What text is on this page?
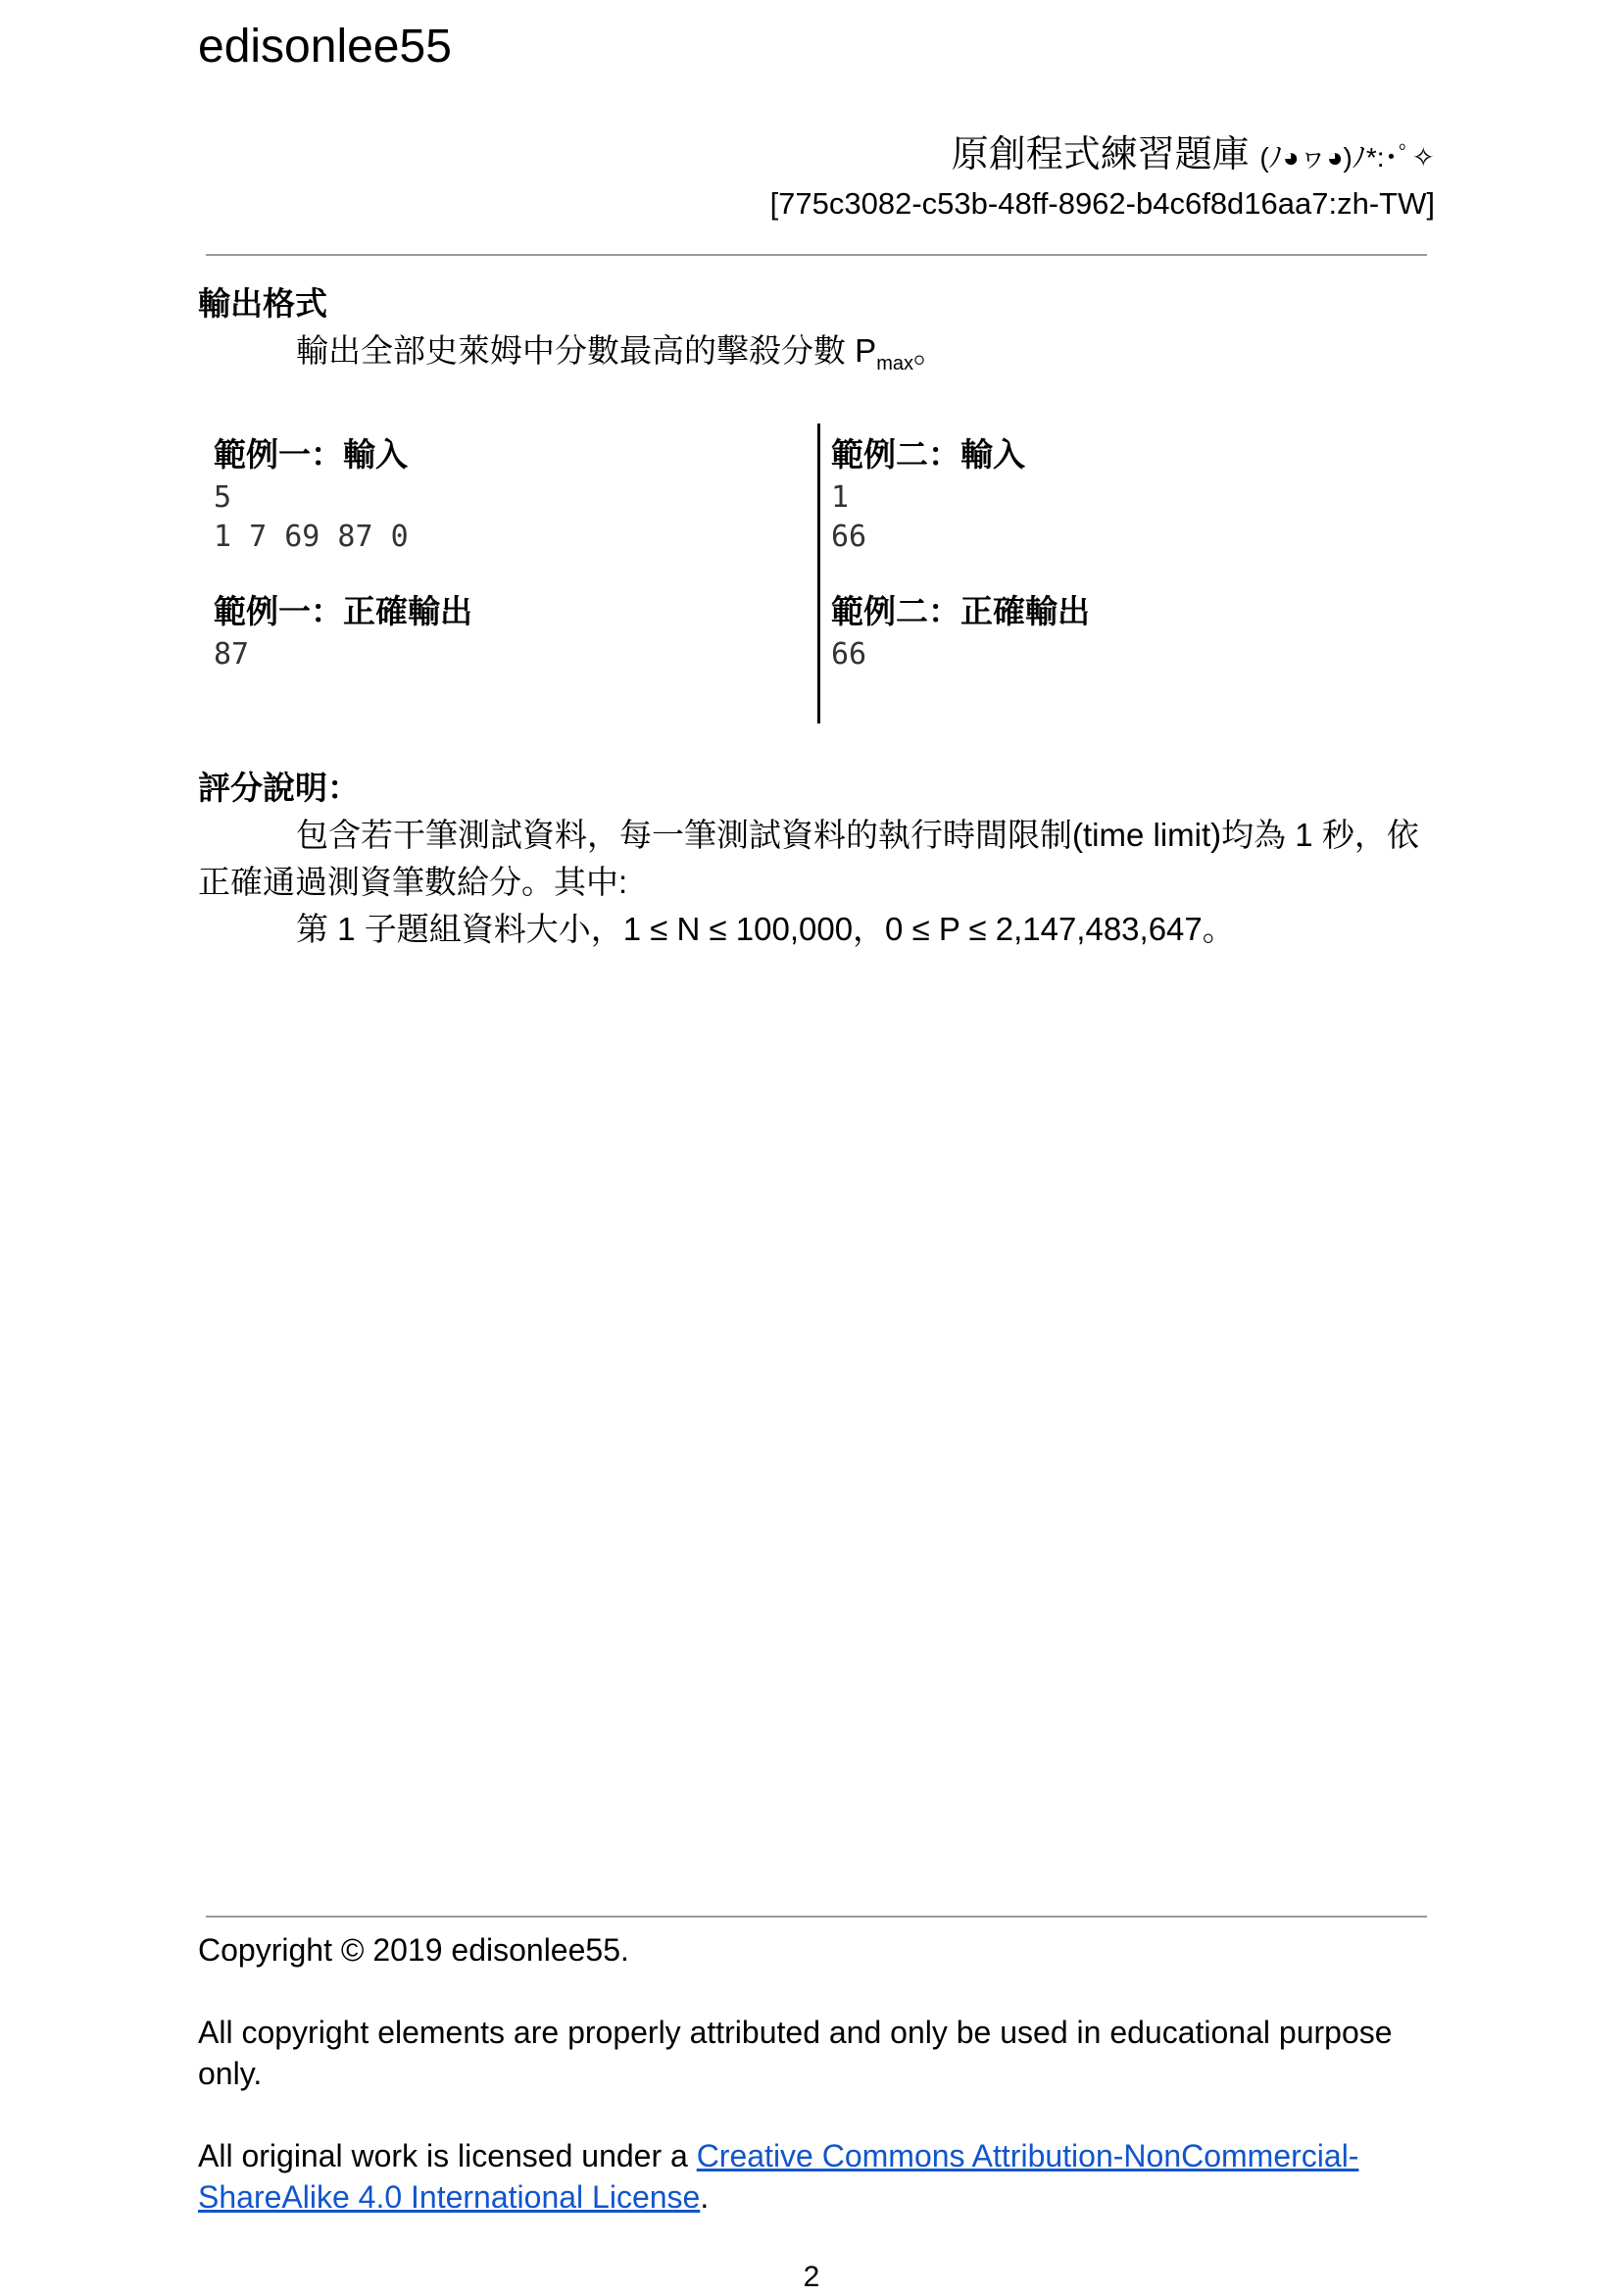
edisonlee55
原創程式練習題庫 (ﾉ◕ヮ◕)ﾉ*:･ﾟ✧
[775c3082-c53b-48ff-8962-b4c6f8d16aa7:zh-TW]
輸出格式
輸出全部史萊姆中分數最高的擊殺分數 $P_{max}$。
範例一：輸入
5
1 7 69 87 0
範例一：正確輸出
87
範例二：輸入
1
66
範例二：正確輸出
66
評分說明：
包含若干筆測試資料，每一筆測試資料的執行時間限制(time limit)均為 1 秒，依正確通過測資筆數給分。其中:
第 1 子題組資料大小，1 ≤ N ≤ 100,000，0 ≤ P ≤ 2,147,483,647。
Copyright © 2019 edisonlee55.
All copyright elements are properly attributed and only be used in educational purpose only.
All original work is licensed under a Creative Commons Attribution-NonCommercial-ShareAlike 4.0 International License.
2
